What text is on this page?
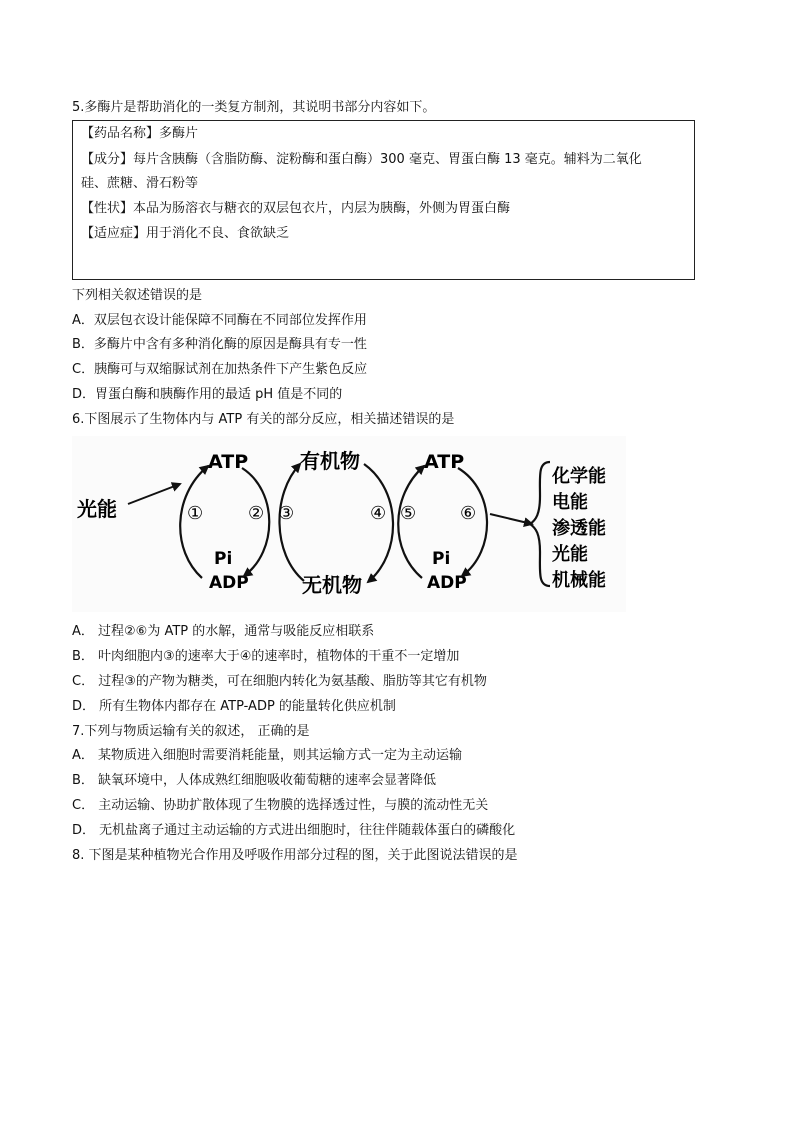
5.多酶片是帮助消化的一类复方制剂，其说明书部分内容如下。
【药品名称】多酶片
【成分】每片含胰酶（含脂防酶、淀粉酶和蛋白酶）300 毫克、胃蛋白酶 13 毫克。辅料为二氧化
硅、蔗糖、滑石粉等
【性状】本品为肠溶衣与糖衣的双层包衣片，内层为胰酶，外侧为胃蛋白酶
【适应症】用于消化不良、食欲缺乏
下列相关叙述错误的是
A．双层包衣设计能保障不同酶在不同部位发挥作用
B．多酶片中含有多种消化酶的原因是酶具有专一性
C．胰酶可与双缩脲试剂在加热条件下产生紫色反应
D．胃蛋白酶和胰酶作用的最适 pH 值是不同的
6.下图展示了生物体内与 ATP 有关的部分反应，相关描述错误的是
光能
ATP
ADP
Pi
① ②
有机物
无机物
③	④
ATP
ADP
Pi
⑤ ⑥
化学能
电能
渗透能
光能
机械能
A． 过程②⑥为 ATP 的水解，通常与吸能反应相联系
B． 叶肉细胞内③的速率大于④的速率时，植物体的干重不一定增加
C． 过程③的产物为糖类，可在细胞内转化为氨基酸、脂肪等其它有机物
D． 所有生物体内都存在 ATP-ADP 的能量转化供应机制
7.下列与物质运输有关的叙述， 正确的是
A． 某物质进入细胞时需要消耗能量，则其运输方式一定为主动运输
B． 缺氧环境中，人体成熟红细胞吸收葡萄糖的速率会显著降低
C． 主动运输、协助扩散体现了生物膜的选择透过性，与膜的流动性无关
D． 无机盐离子通过主动运输的方式进出细胞时，往往伴随载体蛋白的磷酸化
8. 下图是某种植物光合作用及呼吸作用部分过程的图，关于此图说法错误的是
